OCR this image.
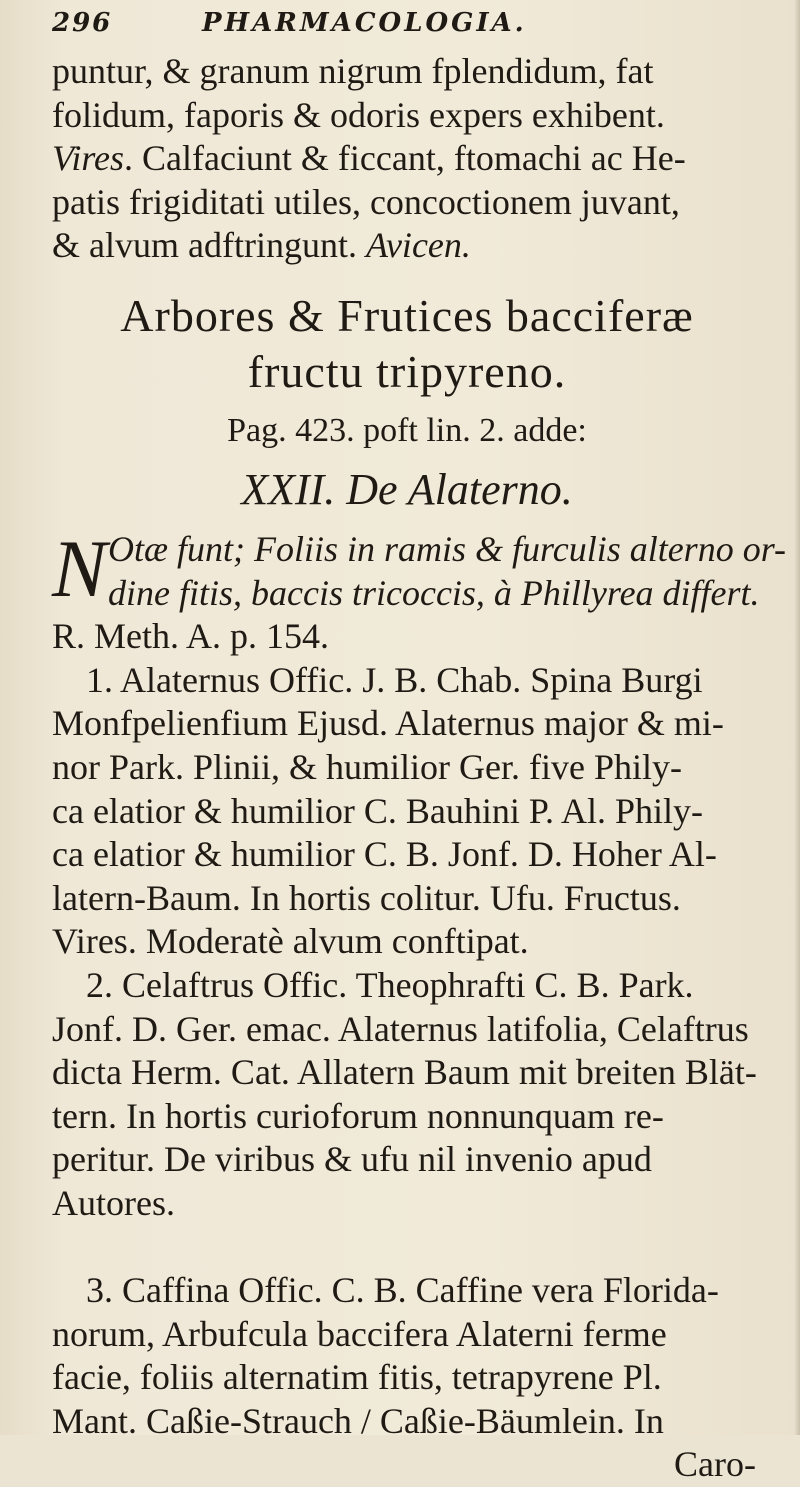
296	PHARMACOLOGIA.
puntur, & granum nigrum fplendidum, fat
folidum, faporis & odoris expers exhibent.
Vires. Calfaciunt & ficcant, ftomachi ac He-
patis frigiditati utiles, concoctionem juvant,
& alvum adftringunt. Avicen.
Arbores & Frutices bacciferæ
fructu tripyreno.
Pag. 423. poft lin. 2. adde:
XXII. De Alaterno.
N Otæ funt; Foliis in ramis & furculis alterno or-
dine fitis, baccis tricoccis, à Phillyrea differt.
R. Meth. A. p. 154.
1. Alaternus Offic. J. B. Chab. Spina Burgi
Monfpelienfium Ejusd. Alaternus major & mi-
nor Park. Plinii, & humilior Ger. five Phily-
ca elatior & humilior C. Bauhini P. Al. Phily-
ca elatior & humilior C. B. Jonf. D. Hoher Al-
latern-Baum. In hortis colitur. Ufu. Fructus.
Vires. Moderatè alvum conftipat.
2. Celaftrus Offic. Theophrafti C. B. Park.
Jonf. D. Ger. emac. Alaternus latifolia, Celaftrus
dicta Herm. Cat. Allatern Baum mit breiten Blät-
tern. In hortis curioforum nonnunquam re-
peritur. De viribus & ufu nil invenio apud
Autores.

3. Caffina Offic. C. B. Caffine vera Florida-
norum, Arbufcula baccifera Alaterni ferme
facie, foliis alternatim fitis, tetrapyrene Pl.
Mant. Caßie-Strauch / Caßie-Bäumlein. In
Caro-
